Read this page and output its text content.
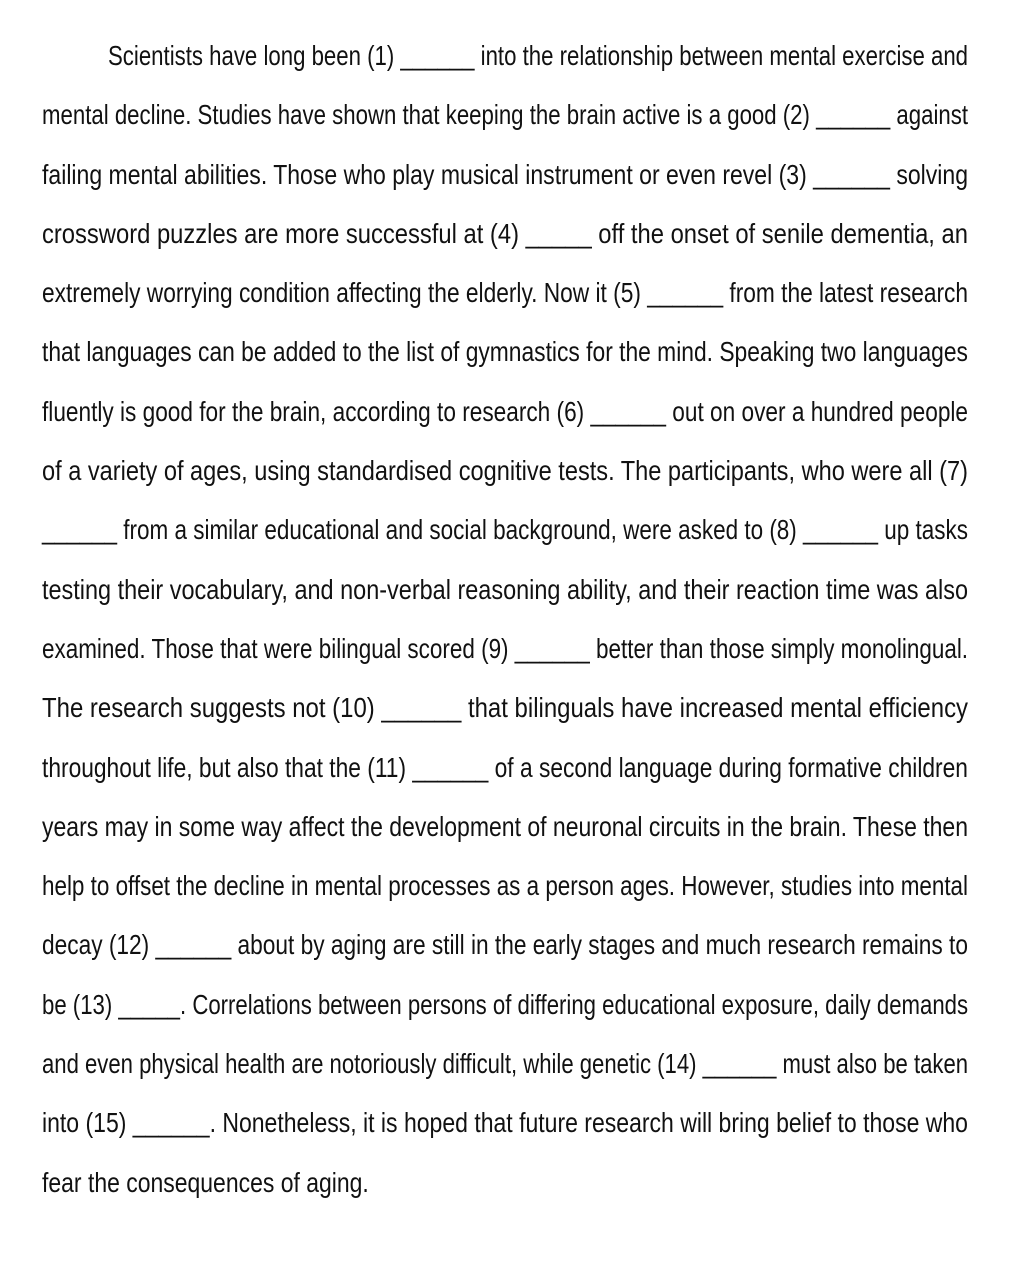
Scientists have long been (1) ______ into the relationship between mental exercise and
mental decline. Studies have shown that keeping the brain active is a good (2) ______ against
failing mental abilities. Those who play musical instrument or even revel (3) ______ solving
crossword puzzles are more successful at (4) _____ off the onset of senile dementia, an
extremely worrying condition affecting the elderly. Now it (5) ______ from the latest research
that languages can be added to the list of gymnastics for the mind. Speaking two languages
fluently is good for the brain, according to research (6) ______ out on over a hundred people
of a variety of ages, using standardised cognitive tests. The participants, who were all (7)
______ from a similar educational and social background, were asked to (8) ______ up tasks
testing their vocabulary, and non-verbal reasoning ability, and their reaction time was also
examined. Those that were bilingual scored (9) ______ better than those simply monolingual.
The research suggests not (10) ______ that bilinguals have increased mental efficiency
throughout life, but also that the (11) ______ of a second language during formative children
years may in some way affect the development of neuronal circuits in the brain. These then
help to offset the decline in mental processes as a person ages. However, studies into mental
decay (12) ______ about by aging are still in the early stages and much research remains to
be (13) _____. Correlations between persons of differing educational exposure, daily demands
and even physical health are notoriously difficult, while genetic (14) ______ must also be taken
into (15) ______. Nonetheless, it is hoped that future research will bring belief to those who
fear the consequences of aging.
